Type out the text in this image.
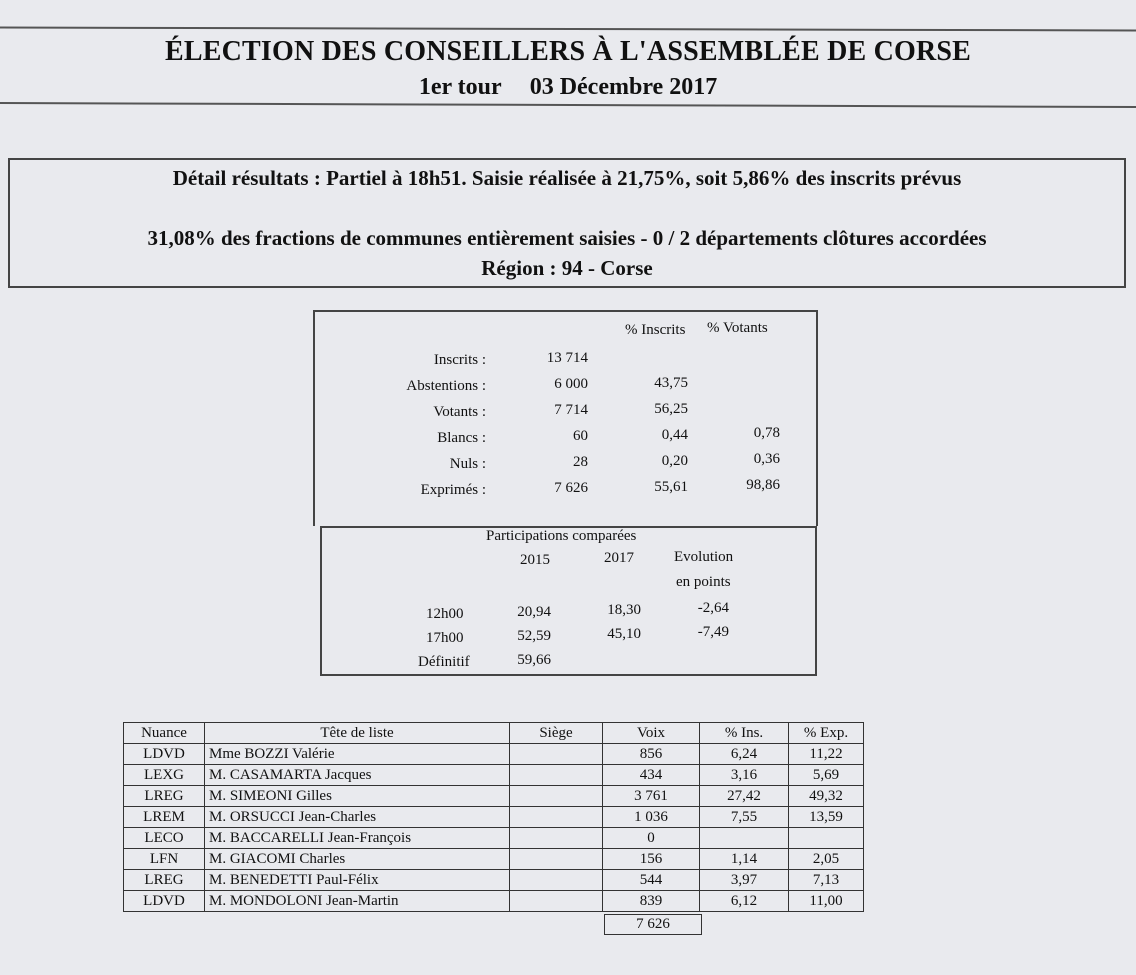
ÉLECTION DES CONSEILLERS À L'ASSEMBLÉE DE CORSE
1er tour 03 Décembre 2017
Détail résultats : Partiel à 18h51. Saisie réalisée à 21,75%, soit 5,86% des inscrits prévus
31,08% des fractions de communes entièrement saisies - 0 / 2 départements clôtures accordées
Région : 94 - Corse
% Inscrits % Votants
Inscrits :	13 714
Abstentions :	6 000	43,75
Votants :	7 714	56,25
Blancs :	60	0,44	0,78
Nuls :	28	0,20	0,36
Exprimés :	7 626	55,61	98,86
Participations comparées
2015	2017	Evolution
en points
12h00	20,94	18,30	-2,64
17h00	52,59	45,10	-7,49
Définitif	59,66
Nuance	Tête de liste	Siège	Voix	% Ins.	% Exp.
LDVD	Mme BOZZI Valérie		856	6,24	11,22
LEXG	M. CASAMARTA Jacques		434	3,16	5,69
LREG	M. SIMEONI Gilles		3 761	27,42	49,32
LREM	M. ORSUCCI Jean-Charles		1 036	7,55	13,59
LECO	M. BACCARELLI Jean-François		0		
LFN	M. GIACOMI Charles		156	1,14	2,05
LREG	M. BENEDETTI Paul-Félix		544	3,97	7,13
LDVD	M. MONDOLONI Jean-Martin		839	6,12	11,00
7 626
